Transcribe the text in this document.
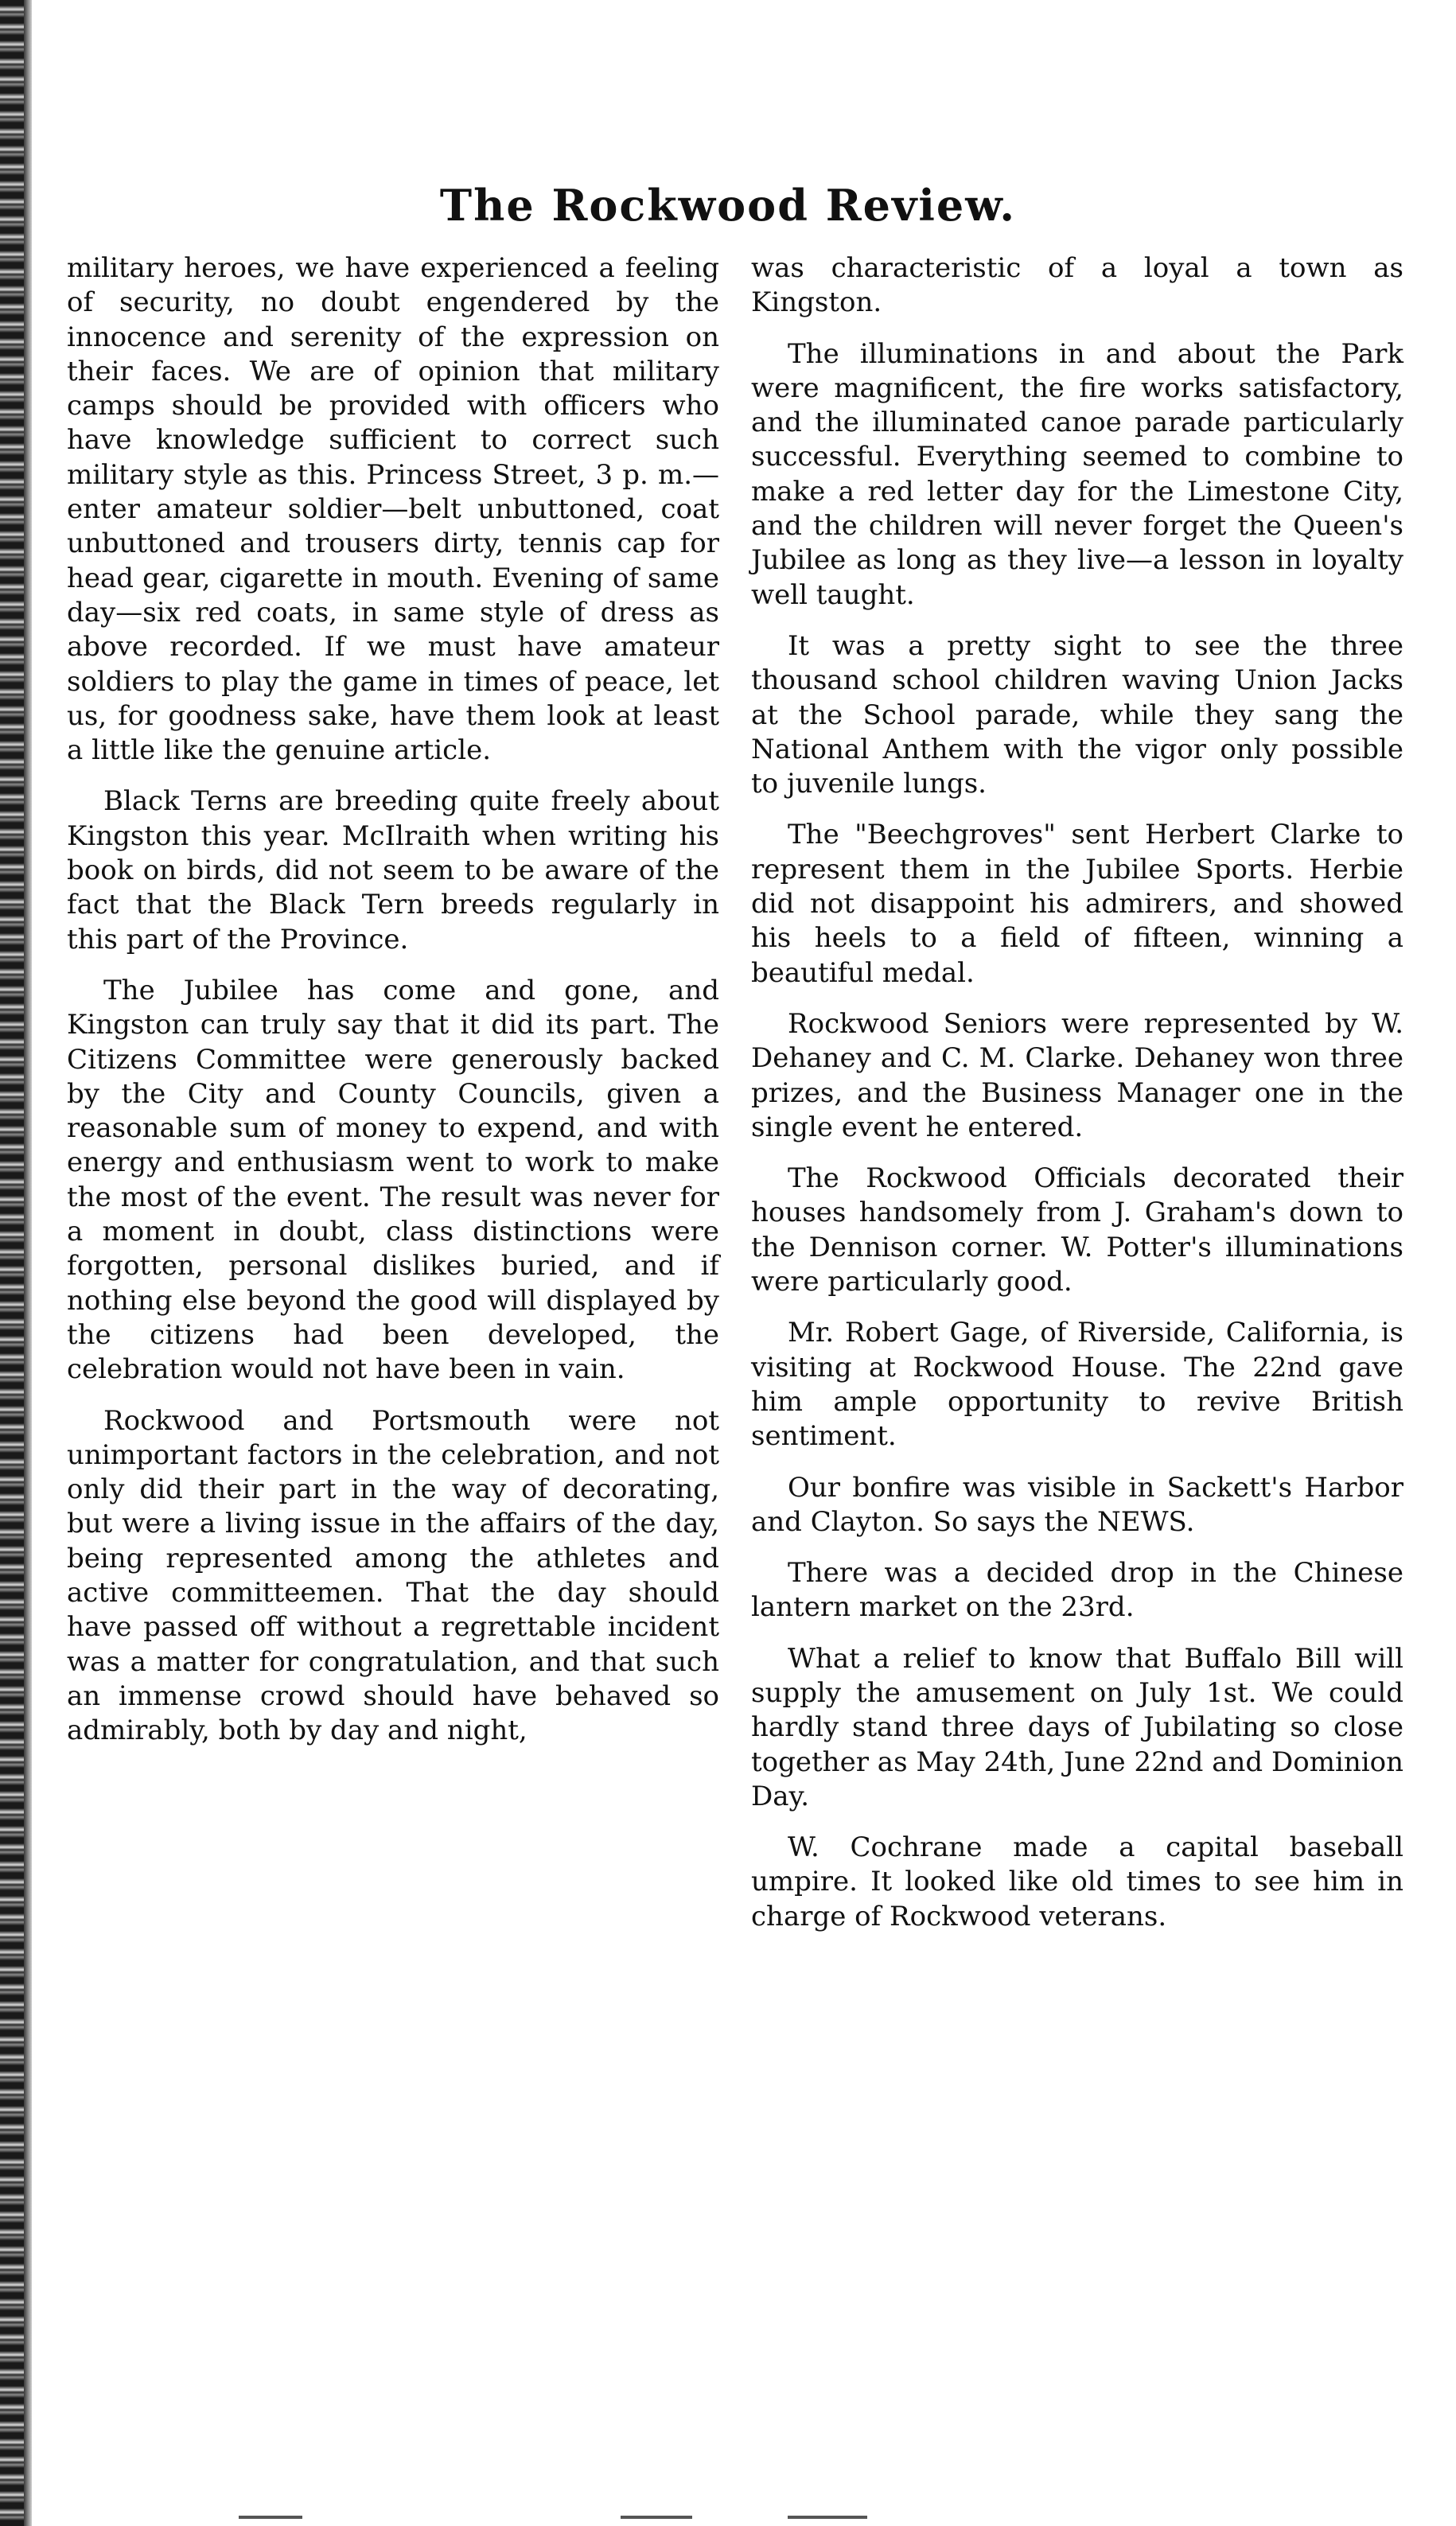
The Rockwood Review.

military heroes, we have experienced a feeling of security, no doubt engendered by the innocence and serenity of the expression on their faces. We are of opinion that military camps should be provided with officers who have knowledge sufficient to correct such military style as this. Princess Street, 3 p. m.—enter amateur soldier—belt unbuttoned, coat unbuttoned and trousers dirty, tennis cap for head gear, cigarette in mouth. Evening of same day—six red coats, in same style of dress as above recorded. If we must have amateur soldiers to play the game in times of peace, let us, for goodness sake, have them look at least a little like the genuine article.

Black Terns are breeding quite freely about Kingston this year. McIlraith when writing his book on birds, did not seem to be aware of the fact that the Black Tern breeds regularly in this part of the Province.

The Jubilee has come and gone, and Kingston can truly say that it did its part. The Citizens Committee were generously backed by the City and County Councils, given a reasonable sum of money to expend, and with energy and enthusiasm went to work to make the most of the event. The result was never for a moment in doubt, class distinctions were forgotten, personal dislikes buried, and if nothing else beyond the good will displayed by the citizens had been developed, the celebration would not have been in vain.

Rockwood and Portsmouth were not unimportant factors in the celebration, and not only did their part in the way of decorating, but were a living issue in the affairs of the day, being represented among the athletes and active committeemen. That the day should have passed off without a regrettable incident was a matter for congratulation, and that such an immense crowd should have behaved so admirably, both by day and night,

was characteristic of a loyal a town as Kingston.

The illuminations in and about the Park were magnificent, the fire works satisfactory, and the illuminated canoe parade particularly successful. Everything seemed to combine to make a red letter day for the Limestone City, and the children will never forget the Queen's Jubilee as long as they live—a lesson in loyalty well taught.

It was a pretty sight to see the three thousand school children waving Union Jacks at the School parade, while they sang the National Anthem with the vigor only possible to juvenile lungs.

The "Beechgroves" sent Herbert Clarke to represent them in the Jubilee Sports. Herbie did not disappoint his admirers, and showed his heels to a field of fifteen, winning a beautiful medal.

Rockwood Seniors were represented by W. Dehaney and C. M. Clarke. Dehaney won three prizes, and the Business Manager one in the single event he entered.

The Rockwood Officials decorated their houses handsomely from J. Graham's down to the Dennison corner. W. Potter's illuminations were particularly good.

Mr. Robert Gage, of Riverside, California, is visiting at Rockwood House. The 22nd gave him ample opportunity to revive British sentiment.

Our bonfire was visible in Sackett's Harbor and Clayton. So says the NEWS.

There was a decided drop in the Chinese lantern market on the 23rd.

What a relief to know that Buffalo Bill will supply the amusement on July 1st. We could hardly stand three days of Jubilating so close together as May 24th, June 22nd and Dominion Day.

W. Cochrane made a capital baseball umpire. It looked like old times to see him in charge of Rockwood veterans.
